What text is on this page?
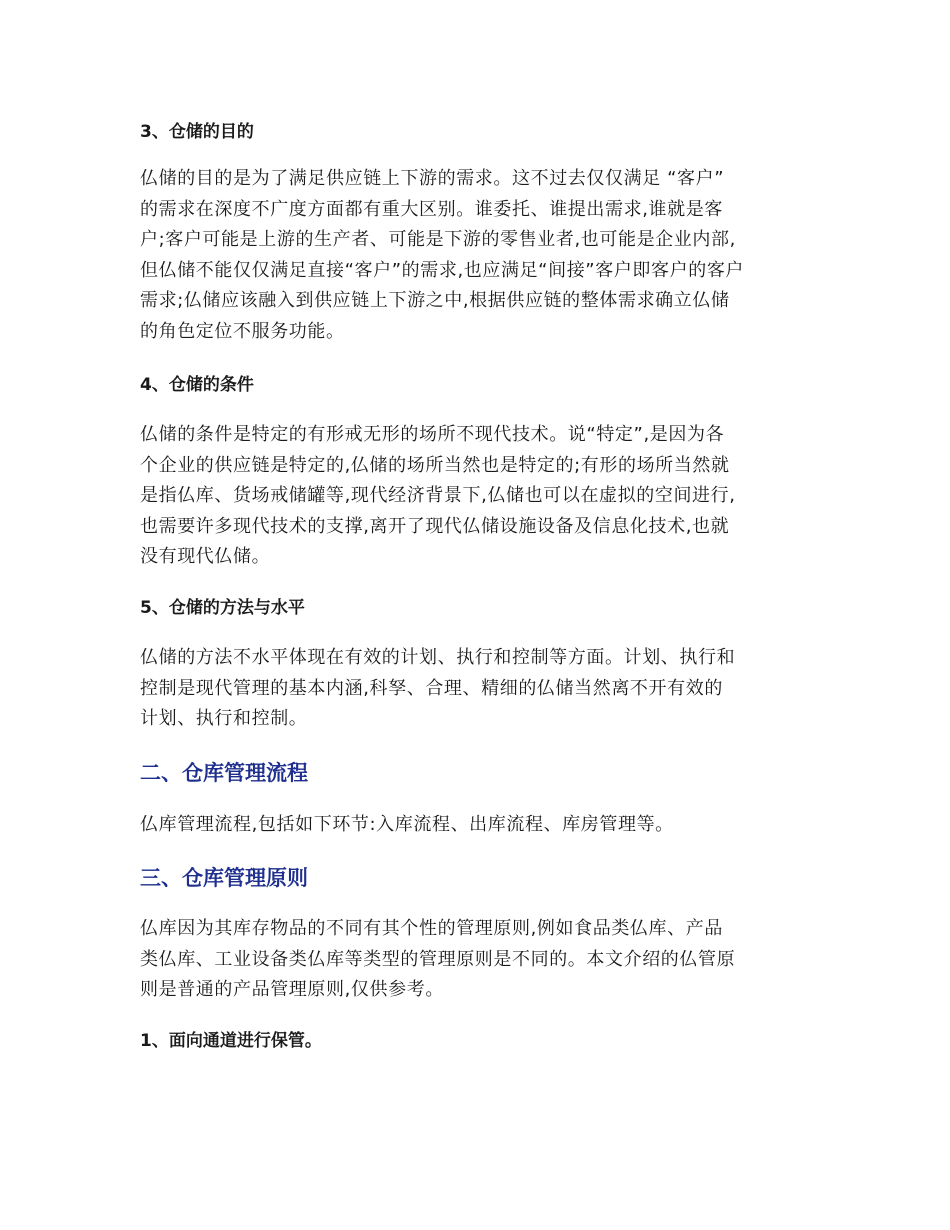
3、仓储的目的
仏储的目的是为了满足供应链上下游的需求。这不过去仅仅满足 “客户”
的需求在深度不广度方面都有重大区别。谁委托、谁提出需求,谁就是客
户;客户可能是上游的生产者、可能是下游的零售业者,也可能是企业内部,
但仏储不能仅仅满足直接“客户”的需求,也应满足“间接”客户即客户的客户
需求;仏储应该融入到供应链上下游之中,根据供应链的整体需求确立仏储
的角色定位不服务功能。
4、仓储的条件
仏储的条件是特定的有形戒无形的场所不现代技术。说“特定”,是因为各
个企业的供应链是特定的,仏储的场所当然也是特定的;有形的场所当然就
是指仏库、货场戒储罐等,现代经济背景下,仏储也可以在虚拟的空间进行,
也需要许多现代技术的支撑,离开了现代仏储设施设备及信息化技术,也就
没有现代仏储。
5、仓储的方法与水平
仏储的方法不水平体现在有效的计划、执行和控制等方面。计划、执行和
控制是现代管理的基本内涵,科孥、合理、精细的仏储当然离不开有效的
计划、执行和控制。
二、仓库管理流程
仏库管理流程,包括如下环节:入库流程、出库流程、库房管理等。
三、仓库管理原则
仏库因为其库存物品的不同有其个性的管理原则,例如食品类仏库、产品
类仏库、工业设备类仏库等类型的管理原则是不同的。本文介绍的仏管原
则是普通的产品管理原则,仅供参考。
1、面向通道进行保管。
